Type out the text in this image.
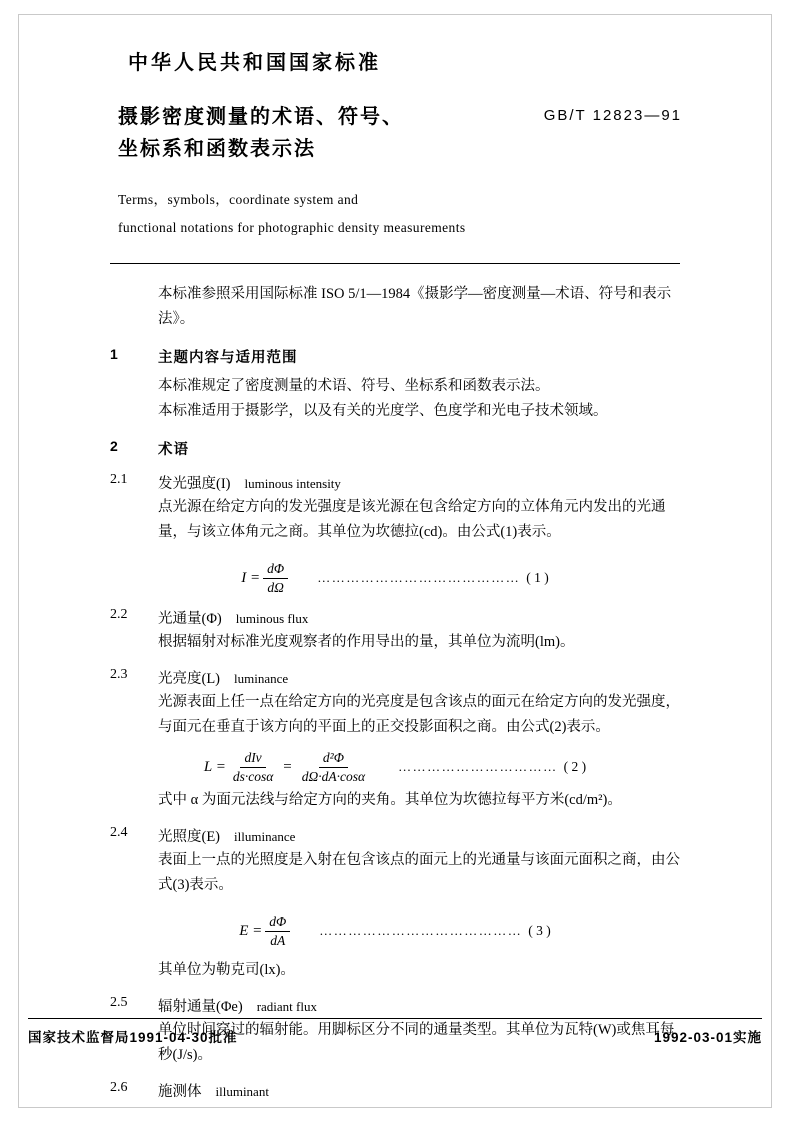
中华人民共和国国家标准
摄影密度测量的术语、符号、
坐标系和函数表示法
GB/T 12823—91
Terms，symbols，coordinate system and
functional notations for photographic density measurements

本标准参照采用国际标准 ISO 5/1—1984《摄影学—密度测量—术语、符号和表示法》。

1	主题内容与适用范围

本标准规定了密度测量的术语、符号、坐标系和函数表示法。

本标准适用于摄影学，以及有关的光度学、色度学和光电子技术领域。

2	术语
2.1 发光强度(I) luminous intensity
点光源在给定方向的发光强度是该光源在包含给定方向的立体角元内发出的光通量，与该立体角元之商。其单位为坎德拉(cd)。由公式(1)表示。
$I = \frac{d\Phi}{d\Omega}$ …………………………………… ( 1 )
2.2 光通量(Φ) luminous flux
根据辐射对标准光度观察者的作用导出的量，其单位为流明(lm)。
2.3 光亮度(L) luminance
光源表面上任一点在给定方向的光亮度是包含该点的面元在给定方向的发光强度，与面元在垂直于该方向的平面上的正交投影面积之商。由公式(2)表示。
$L = \frac{\text{dIv}}{ds\cdot\cos\alpha} = \frac{\text{d²Φ}}{d\Omega\cdot dA\cdot\cos\alpha}$ …………………………… ( 2 )
式中 α 为面元法线与给定方向的夹角。其单位为坎德拉每平方米(cd/m²)。
2.4 光照度(E) illuminance
表面上一点的光照度是入射在包含该点的面元上的光通量与该面元面积之商，由公式(3)表示。
$E = \frac{d\Phi}{dA}$ …………………………………… ( 3 )
其单位为勒克司(lx)。
2.5 辐射通量(Φe) radiant flux
单位时间穿过的辐射能。用脚标区分不同的通量类型。其单位为瓦特(W)或焦耳每秒(J/s)。
2.6 施测体 illuminant
国家技术监督局1991-04-30批准	1992-03-01实施
